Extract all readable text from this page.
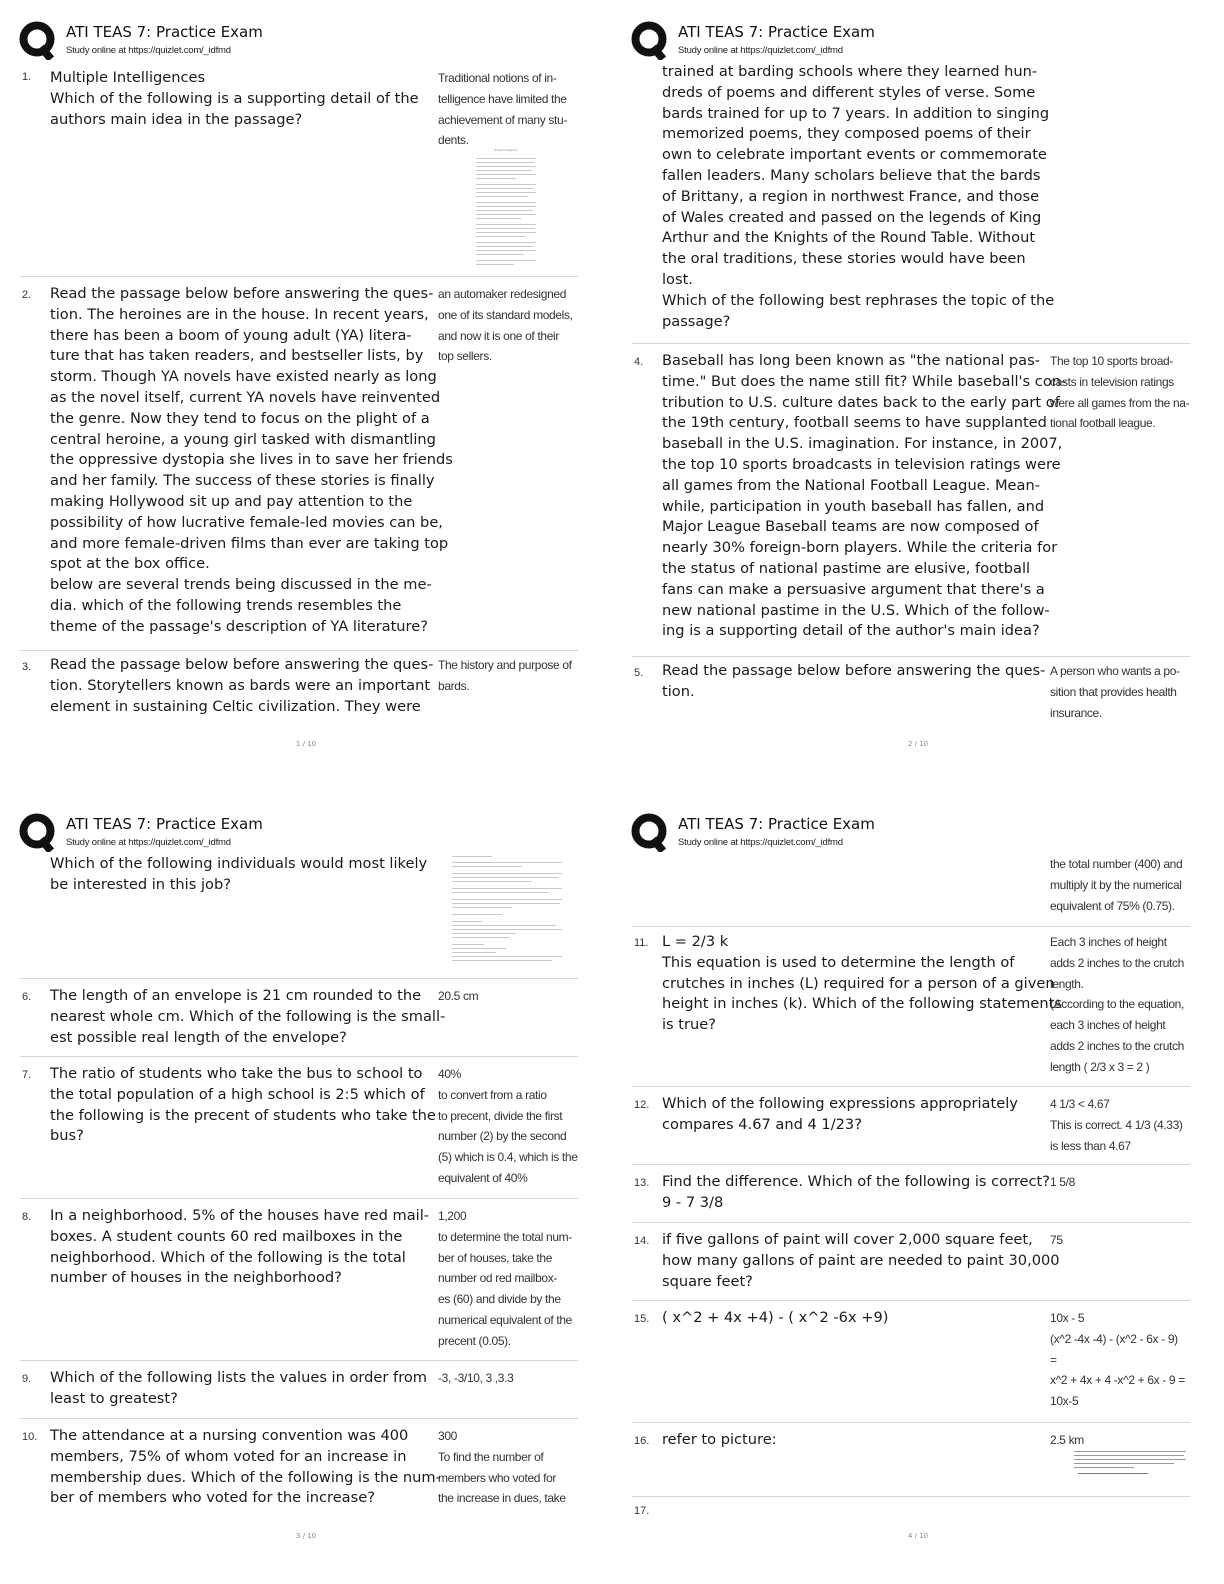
ATI TEAS 7: Practice Exam
Study online at https://quizlet.com/_idfmd
1. Multiple Intelligences
Which of the following is a supporting detail of the
authors main idea in the passage?
Traditional notions of in-
telligence have limited the
achievement of many stu-
dents.
Multiple Intelligences
2. Read the passage below before answering the ques-
tion. The heroines are in the house. In recent years,
there has been a boom of young adult (YA) litera-
ture that has taken readers, and bestseller lists, by
storm. Though YA novels have existed nearly as long
as the novel itself, current YA novels have reinvented
the genre. Now they tend to focus on the plight of a
central heroine, a young girl tasked with dismantling
the oppressive dystopia she lives in to save her friends
and her family. The success of these stories is finally
making Hollywood sit up and pay attention to the
possibility of how lucrative female-led movies can be,
and more female-driven films than ever are taking top
spot at the box office.
below are several trends being discussed in the me-
dia. which of the following trends resembles the
theme of the passage's description of YA literature?
an automaker redesigned
one of its standard models,
and now it is one of their
top sellers.
3. Read the passage below before answering the ques-
tion. Storytellers known as bards were an important
element in sustaining Celtic civilization. They were
The history and purpose of
bards.
1 / 10
ATI TEAS 7: Practice Exam
Study online at https://quizlet.com/_idfmd
trained at barding schools where they learned hun-
dreds of poems and different styles of verse. Some
bards trained for up to 7 years. In addition to singing
memorized poems, they composed poems of their
own to celebrate important events or commemorate
fallen leaders. Many scholars believe that the bards
of Brittany, a region in northwest France, and those
of Wales created and passed on the legends of King
Arthur and the Knights of the Round Table. Without
the oral traditions, these stories would have been
lost.
Which of the following best rephrases the topic of the
passage?
4. Baseball has long been known as "the national pas-
time." But does the name still fit? While baseball's con-
tribution to U.S. culture dates back to the early part of
the 19th century, football seems to have supplanted
baseball in the U.S. imagination. For instance, in 2007,
the top 10 sports broadcasts in television ratings were
all games from the National Football League. Mean-
while, participation in youth baseball has fallen, and
Major League Baseball teams are now composed of
nearly 30% foreign-born players. While the criteria for
the status of national pastime are elusive, football
fans can make a persuasive argument that there's a
new national pastime in the U.S. Which of the follow-
ing is a supporting detail of the author's main idea?
The top 10 sports broad-
casts in television ratings
were all games from the na-
tional football league.
5. Read the passage below before answering the ques-
tion.
A person who wants a po-
sition that provides health
insurance.
2 / 10
ATI TEAS 7: Practice Exam
Study online at https://quizlet.com/_idfmd
Which of the following individuals would most likely
be interested in this job?
6. The length of an envelope is 21 cm rounded to the
nearest whole cm. Which of the following is the small-
est possible real length of the envelope?
20.5 cm
7. The ratio of students who take the bus to school to
the total population of a high school is 2:5 which of
the following is the precent of students who take the
bus?
40%
to convert from a ratio
to precent, divide the first
number (2) by the second
(5) which is 0.4, which is the
equivalent of 40%
8. In a neighborhood. 5% of the houses have red mail-
boxes. A student counts 60 red mailboxes in the
neighborhood. Which of the following is the total
number of houses in the neighborhood?
1,200
to determine the total num-
ber of houses, take the
number od red mailbox-
es (60) and divide by the
numerical equivalent of the
precent (0.05).
9. Which of the following lists the values in order from
least to greatest?
-3, -3/10, 3 ,3.3
10. The attendance at a nursing convention was 400
members, 75% of whom voted for an increase in
membership dues. Which of the following is the num-
ber of members who voted for the increase?
300
To find the number of
members who voted for
the increase in dues, take
3 / 10
ATI TEAS 7: Practice Exam
Study online at https://quizlet.com/_idfmd
the total number (400) and
multiply it by the numerical
equivalent of 75% (0.75).
11. L = 2/3 k
This equation is used to determine the length of
crutches in inches (L) required for a person of a given
height in inches (k). Which of the following statements
is true?
Each 3 inches of height
adds 2 inches to the crutch
length.
(According to the equation,
each 3 inches of height
adds 2 inches to the crutch
length ( 2/3 x 3 = 2 )
12. Which of the following expressions appropriately
compares 4.67 and 4 1/23?
4 1/3 < 4.67
This is correct. 4 1/3 (4.33)
is less than 4.67
13. Find the difference. Which of the following is correct?
9 - 7 3/8
1 5/8
14. if five gallons of paint will cover 2,000 square feet,
how many gallons of paint are needed to paint 30,000
square feet?
75
15. ( x^2 + 4x +4) - ( x^2 -6x +9)	10x - 5
(x^2 -4x -4) - (x^2 - 6x - 9)
=
x^2 + 4x + 4 -x^2 + 6x - 9 =
10x-5
16. refer to picture:	2.5 km
17.
4 / 10
